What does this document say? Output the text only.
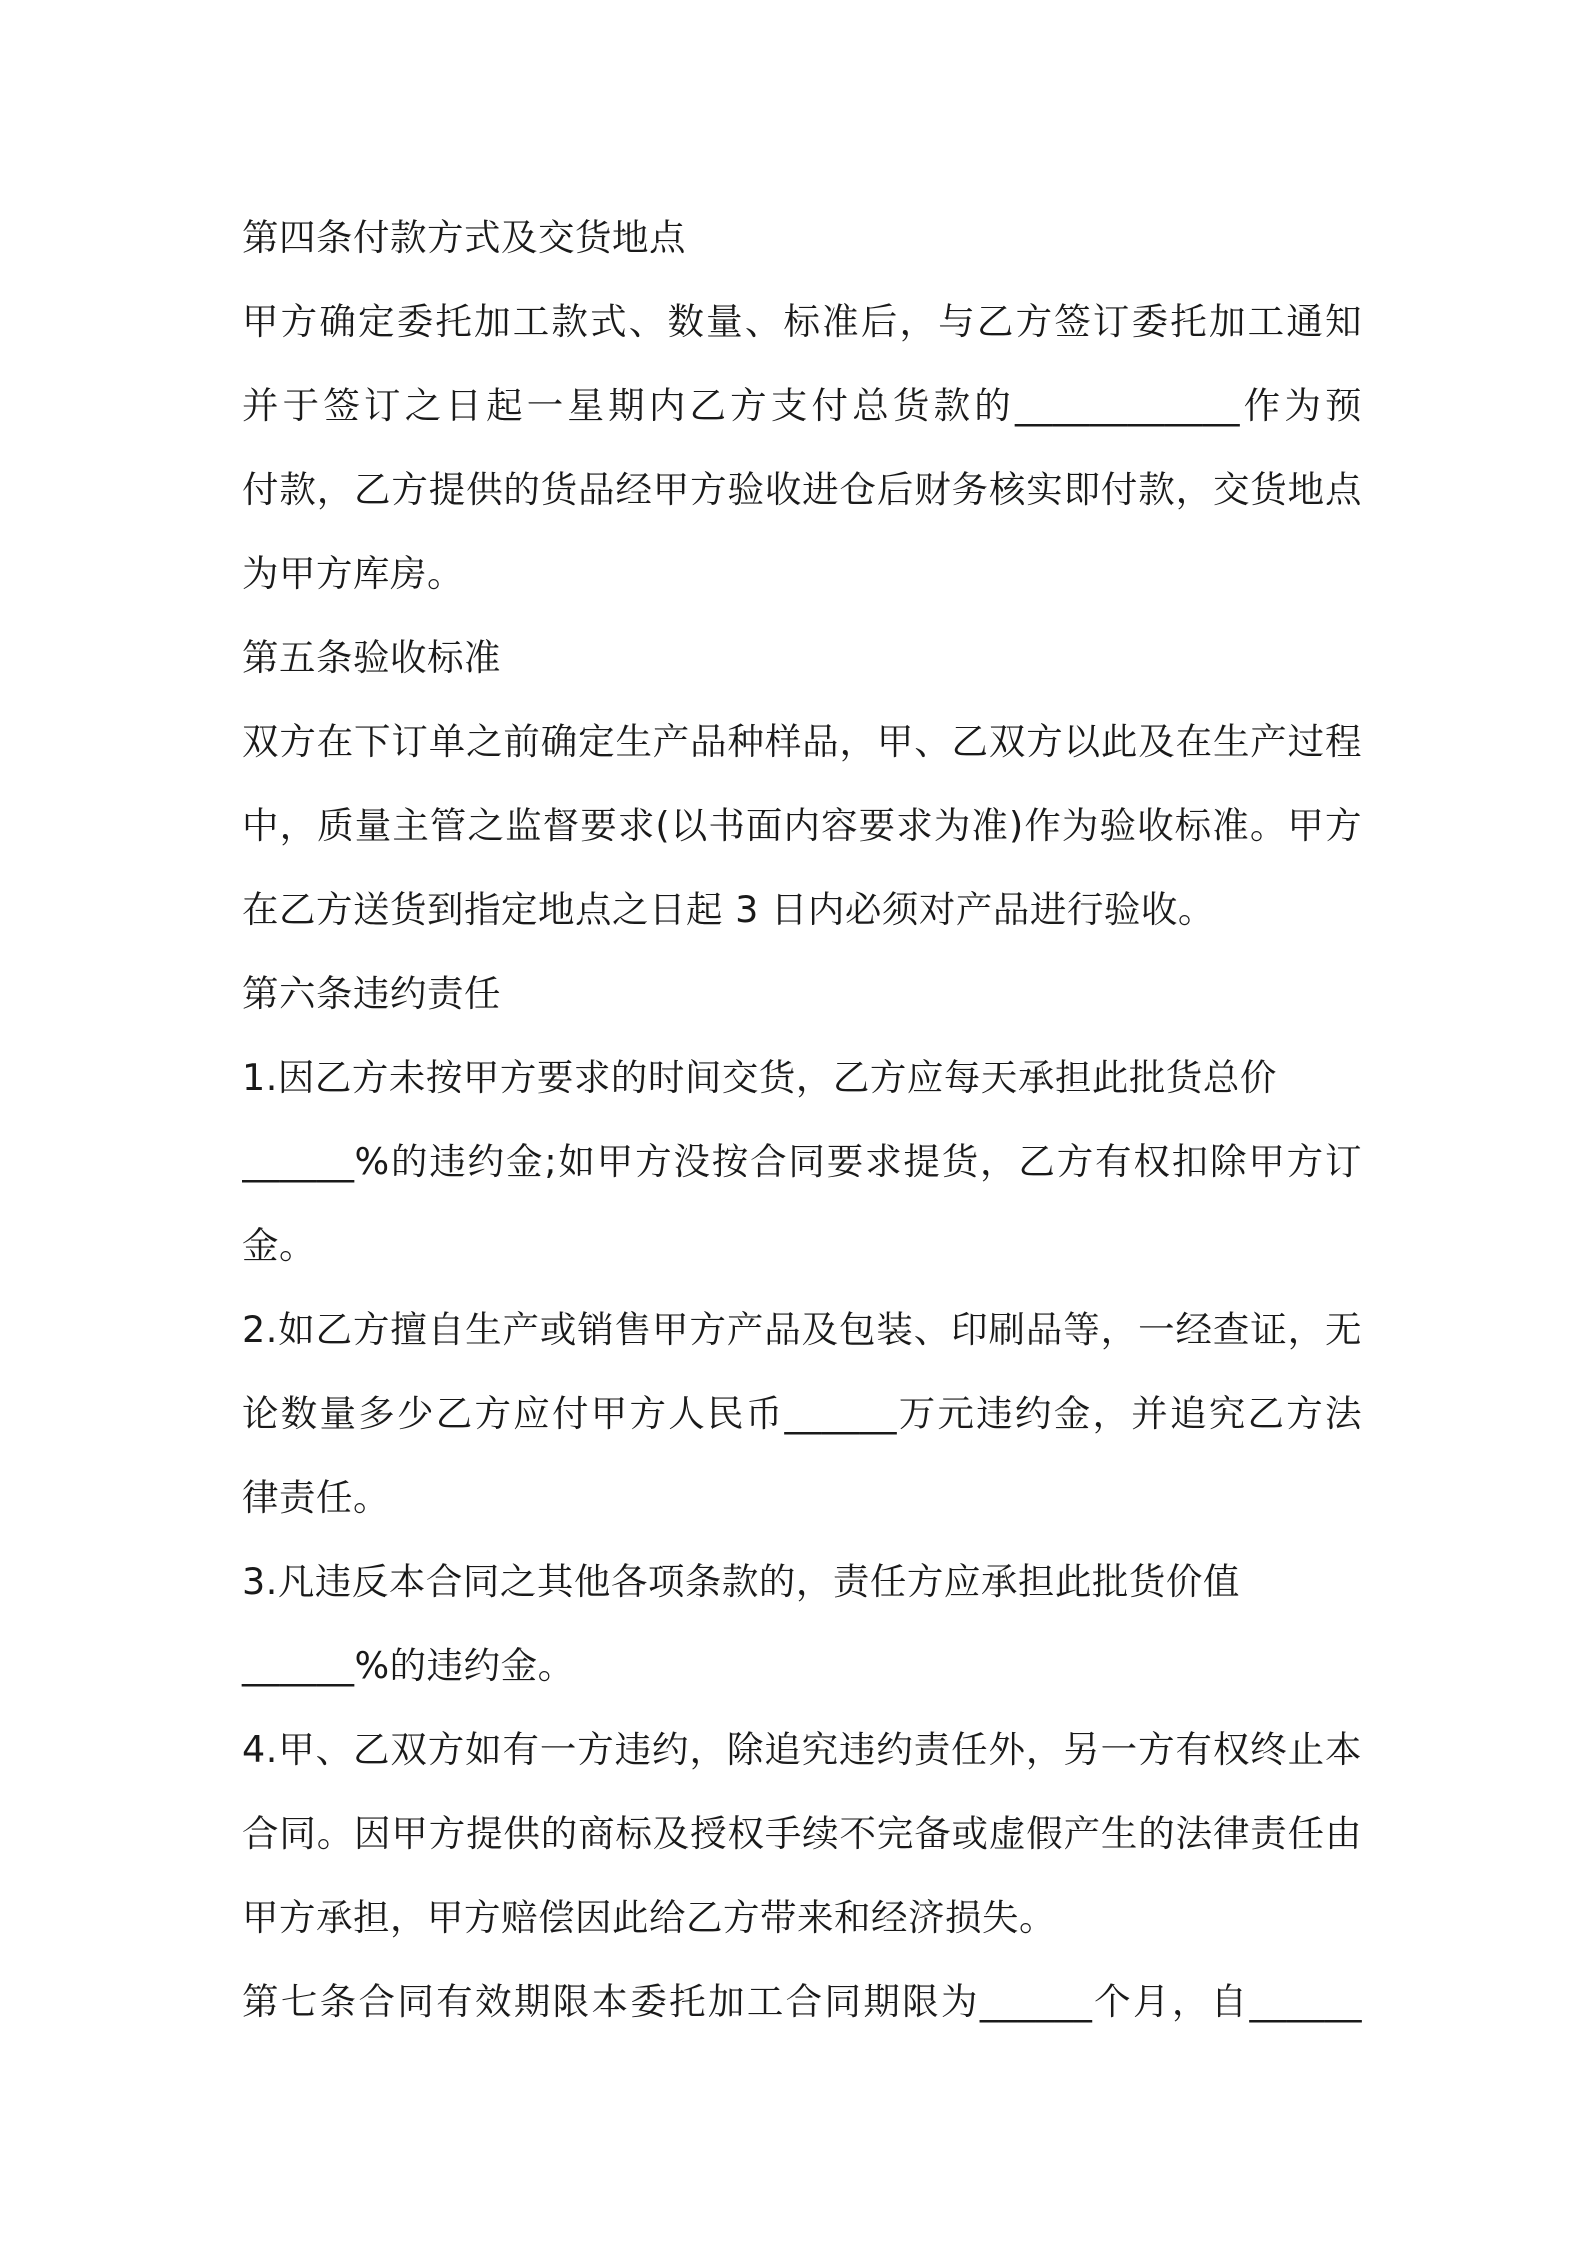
第四条付款方式及交货地点
甲方确定委托加工款式、数量、标准后，与乙方签订委托加工通知
并于签订之日起一星期内乙方支付总货款的____________作为预
付款，乙方提供的货品经甲方验收进仓后财务核实即付款，交货地点
为甲方库房。
第五条验收标准
双方在下订单之前确定生产品种样品，甲、乙双方以此及在生产过程
中，质量主管之监督要求(以书面内容要求为准)作为验收标准。甲方
在乙方送货到指定地点之日起 3 日内必须对产品进行验收。
第六条违约责任
1.因乙方未按甲方要求的时间交货，乙方应每天承担此批货总价
______%的违约金;如甲方没按合同要求提货，乙方有权扣除甲方订
金。
2.如乙方擅自生产或销售甲方产品及包装、印刷品等，一经查证，无
论数量多少乙方应付甲方人民币______万元违约金，并追究乙方法
律责任。
3.凡违反本合同之其他各项条款的，责任方应承担此批货价值
______%的违约金。
4.甲、乙双方如有一方违约，除追究违约责任外，另一方有权终止本
合同。因甲方提供的商标及授权手续不完备或虚假产生的法律责任由
甲方承担，甲方赔偿因此给乙方带来和经济损失。
第七条合同有效期限本委托加工合同期限为______个月，自______
